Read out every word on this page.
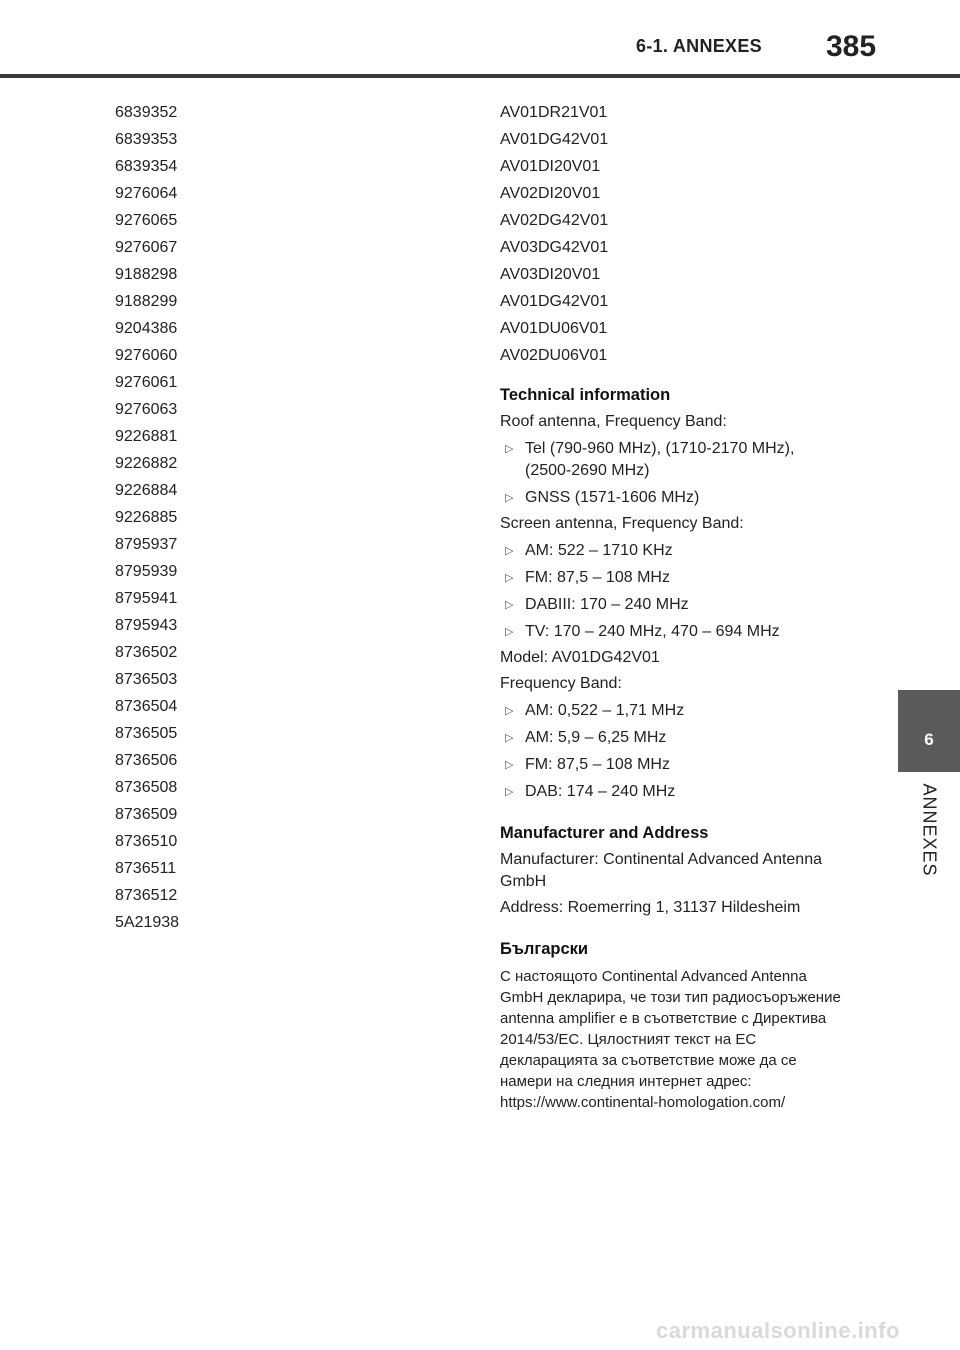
6-1. ANNEXES 385
6
ANNEXES
6839352
6839353
6839354
9276064
9276065
9276067
9188298
9188299
9204386
9276060
9276061
9276063
9226881
9226882
9226884
9226885
8795937
8795939
8795941
8795943
8736502
8736503
8736504
8736505
8736506
8736508
8736509
8736510
8736511
8736512
5A21938
AV01DR21V01
AV01DG42V01
AV01DI20V01
AV02DI20V01
AV02DG42V01
AV03DG42V01
AV03DI20V01
AV01DG42V01
AV01DU06V01
AV02DU06V01
Technical information
Roof antenna, Frequency Band:
▷ Tel (790-960 MHz), (1710-2170 MHz), (2500-2690 MHz)
▷ GNSS (1571-1606 MHz)
Screen antenna, Frequency Band:
▷ AM: 522 – 1710 KHz
▷ FM: 87,5 – 108 MHz
▷ DABIII: 170 – 240 MHz
▷ TV: 170 – 240 MHz, 470 – 694 MHz
Model: AV01DG42V01
Frequency Band:
▷ AM: 0,522 – 1,71 MHz
▷ AM: 5,9 – 6,25 MHz
▷ FM: 87,5 – 108 MHz
▷ DAB: 174 – 240 MHz
Manufacturer and Address
Manufacturer: Continental Advanced Antenna GmbH
Address: Roemerring 1, 31137 Hildesheim
Български
С настоящото Continental Advanced Antenna GmbH декларира, че този тип радиосъоръжение antenna amplifier е в съответствие с Директива 2014/53/ЕС. Цялостният текст на ЕС декларацията за съответствие може да се намери на следния интернет адрес: https://www.continental-homologation.com/
carmanualsonline.info
